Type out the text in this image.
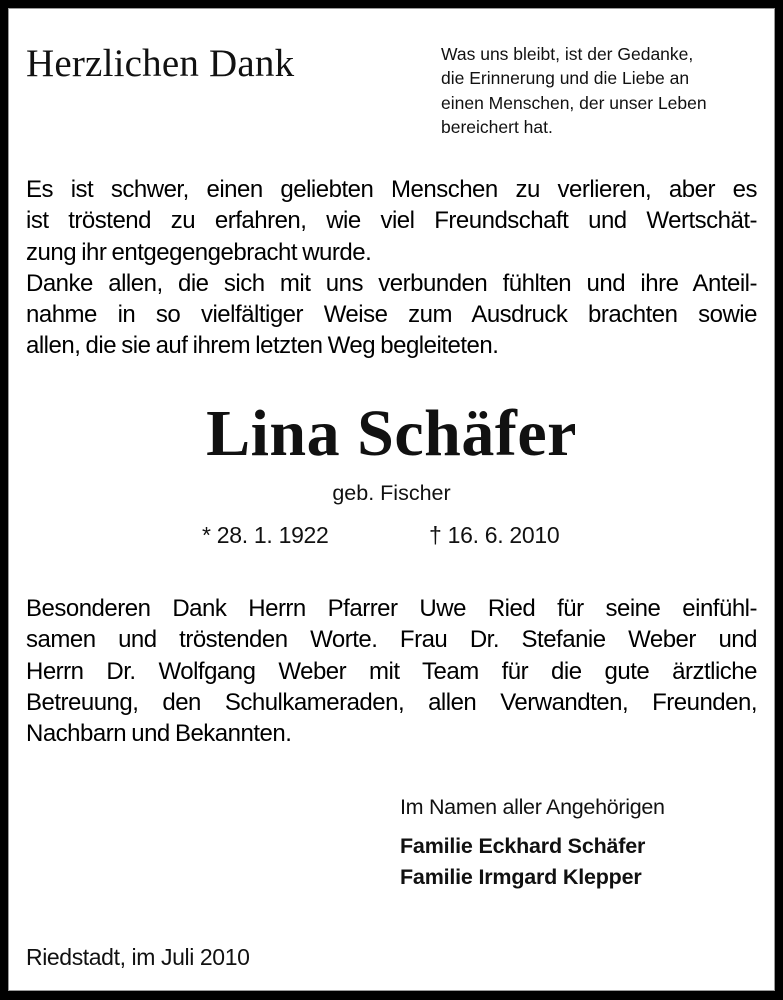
Herzlichen Dank	Was uns bleibt, ist der Gedanke,
die Erinnerung und die Liebe an
einen Menschen, der unser Leben
bereichert hat.
Es ist schwer, einen geliebten Menschen zu verlieren, aber es
ist tröstend zu erfahren, wie viel Freundschaft und Wertschät-
zung ihr entgegengebracht wurde.
Danke allen, die sich mit uns verbunden fühlten und ihre Anteil-
nahme in so vielfältiger Weise zum Ausdruck brachten sowie
allen, die sie auf ihrem letzten Weg begleiteten.
Lina Schäfer
geb. Fischer
* 28. 1. 1922	† 16. 6. 2010
Besonderen Dank Herrn Pfarrer Uwe Ried für seine einfühl-
samen und tröstenden Worte. Frau Dr. Stefanie Weber und
Herrn Dr. Wolfgang Weber mit Team für die gute ärztliche
Betreuung, den Schulkameraden, allen Verwandten, Freunden,
Nachbarn und Bekannten.
Im Namen aller Angehörigen
Familie Eckhard Schäfer
Familie Irmgard Klepper
Riedstadt, im Juli 2010
